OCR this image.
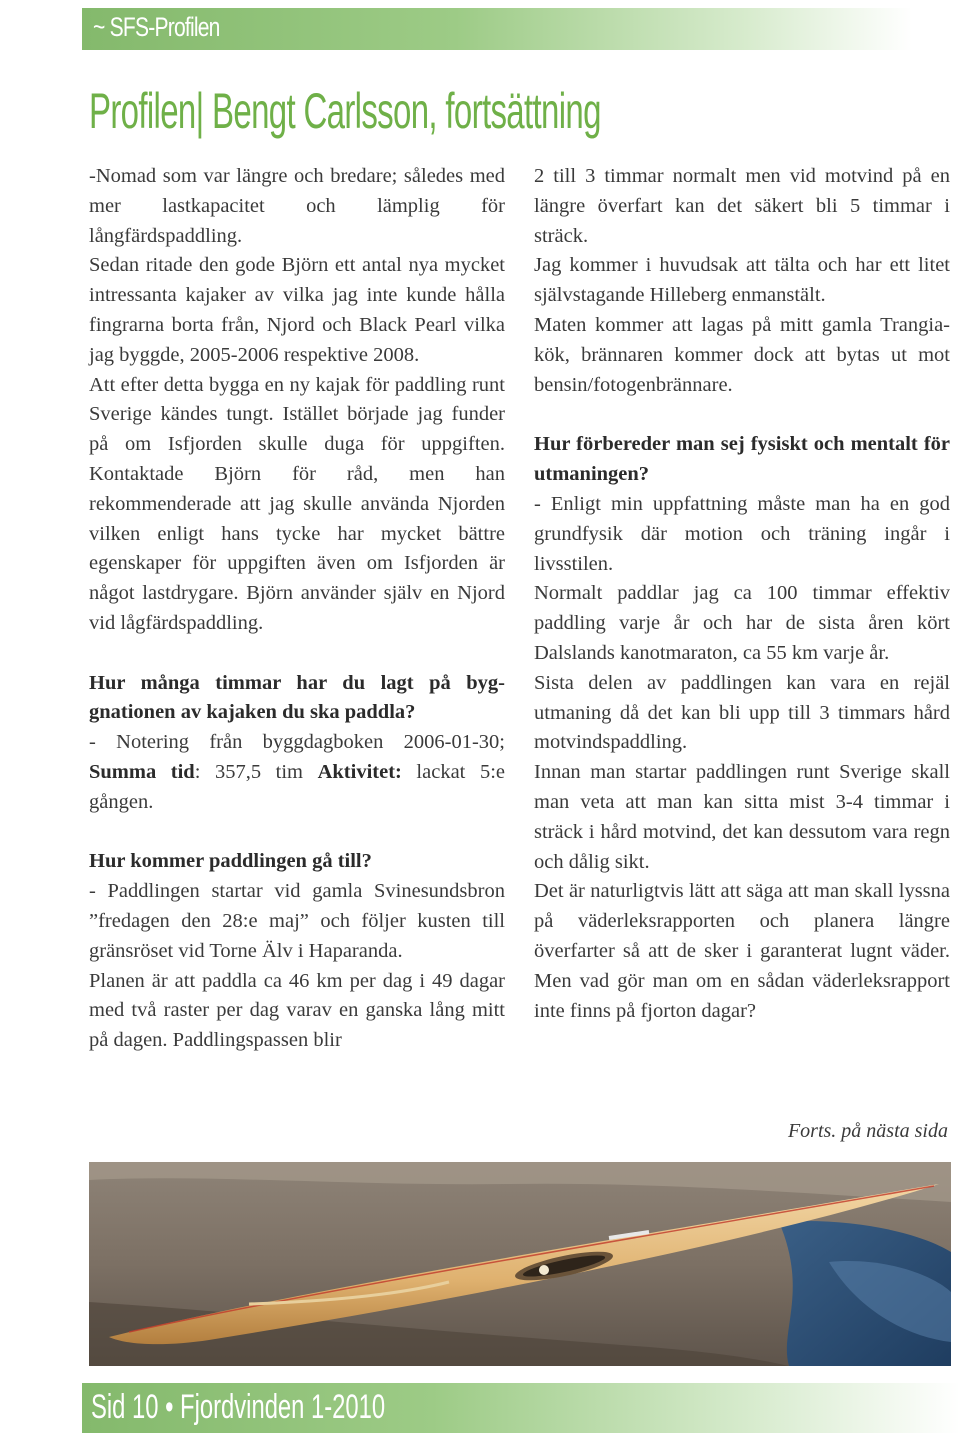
~ SFS-Profilen
Profilen| Bengt Carlsson, fortsättning

-Nomad som var längre och bredare; således med mer lastkapacitet och lämplig för långfärdspaddling.

Sedan ritade den gode Björn ett antal nya mycket intressanta kajaker av vilka jag inte kunde hålla fingrarna borta från, Njord och Black Pearl vilka jag byggde, 2005-2006 respektive 2008.

Att efter detta bygga en ny kajak för paddling runt Sverige kändes tungt. Istället började jag funder på om Isfjorden skulle duga för uppgiften. Kontaktade Björn för råd, men han rekommenderade att jag skulle använda Njorden vilken enligt hans tycke har mycket bättre egenskaper för uppgiften även om Isfjorden är något lastdrygare. Björn använder själv en Njord vid lågfärdspaddling.

Hur många timmar har du lagt på byggnationen av kajaken du ska paddla?

- Notering från byggdagboken 2006-01-30; Summa tid: 357,5 tim Aktivitet: lackat 5:e gången.

Hur kommer paddlingen gå till?

- Paddlingen startar vid gamla Svinesundsbron ”fredagen den 28:e maj” och följer kusten till gränsröset vid Torne Älv i Haparanda.

Planen är att paddla ca 46 km per dag i 49 dagar med två raster per dag varav en ganska lång mitt på dagen. Paddlingspassen blir

2 till 3 timmar normalt men vid motvind på en längre överfart kan det säkert bli 5 timmar i sträck.

Jag kommer i huvudsak att tälta och har ett litet självstagande Hilleberg enmanstält.

Maten kommer att lagas på mitt gamla Trangia-kök, brännaren kommer dock att bytas ut mot bensin/fotogenbrännare.

Hur förbereder man sej fysiskt och mentalt för utmaningen?

- Enligt min uppfattning måste man ha en god grundfysik där motion och träning ingår i livsstilen.

Normalt paddlar jag ca 100 timmar effektiv paddling varje år och har de sista åren kört Dalslands kanotmaraton, ca 55 km varje år.

Sista delen av paddlingen kan vara en rejäl utmaning då det kan bli upp till 3 timmars hård motvindspaddling.

Innan man startar paddlingen runt Sverige skall man veta att man kan sitta mist 3-4 timmar i sträck i hård motvind, det kan dessutom vara regn och dålig sikt.

Det är naturligtvis lätt att säga att man skall lyssna på väderleksrapporten och planera längre överfarter så att de sker i garanterat lugnt väder. Men vad gör man om en sådan väderleksrapport inte finns på fjorton dagar?

Forts. på nästa sida
Sid 10 • Fjordvinden 1-2010
